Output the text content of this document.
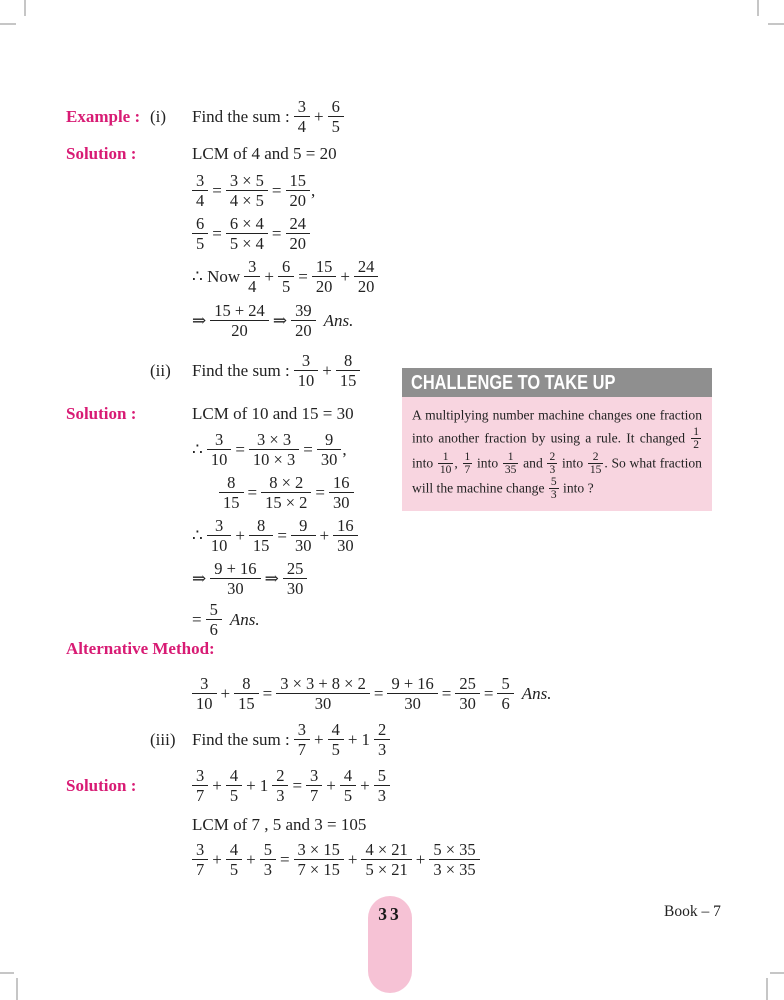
Example : (i) Find the sum : $\frac{3}{4} + \frac{6}{5}$
Solution :	LCM of 4 and 5 = 20
$\frac{3}{4} = \frac{3 \times 5}{4 \times 5} = \frac{15}{20}$ ,
$\frac{6}{5} = \frac{6 \times 4}{5 \times 4} = \frac{24}{20}$
∴ Now $\frac{3}{4} + \frac{6}{5} = \frac{15}{20} + \frac{24}{20}$
⇒ $\frac{15 + 24}{20}$ ⇒ $\frac{39}{20}$ Ans.
(ii) Find the sum : $\frac{3}{10} + \frac{8}{15}$
Solution :	LCM of 10 and 15 = 30
∴ $\frac{3}{10} = \frac{3 \times 3}{10 \times 3} = \frac{9}{30}$ ,
$\frac{8}{15} = \frac{8 \times 2}{15 \times 2} = \frac{16}{30}$
∴ $\frac{3}{10} + \frac{8}{15} = \frac{9}{30} + \frac{16}{30}$
⇒ $\frac{9 + 16}{30}$ ⇒ $\frac{25}{30}$
= $\frac{5}{6}$ Ans.
Alternative Method:
$\frac{3}{10} + \frac{8}{15} = \frac{3 \times 3 + 8 \times 2}{30} = \frac{9 + 16}{30} = \frac{25}{30} = \frac{5}{6}$ Ans.
(iii) Find the sum : $\frac{3}{7} + \frac{4}{5} +1 \frac{2}{3}$
Solution :	$\frac{3}{7} + \frac{4}{5} +1 \frac{2}{3} = \frac{3}{7} + \frac{4}{5} + \frac{5}{3}$
LCM of 7 , 5 and 3 = 105
$\frac{3}{7} + \frac{4}{5} + \frac{5}{3} = \frac{3 \times 15}{7 \times 15} + \frac{4 \times 21}{5 \times 21} + \frac{5 \times 35}{3 \times 35}$
CHALLENGE TO TAKE UP
A multiplying number machine changes one fraction into another fraction by using a rule. It changed $\frac{1}{2}$
into $\frac{1}{10}$ , $\frac{1}{7}$ into $\frac{1}{35}$ and $\frac{2}{3}$ into $\frac{2}{15}$ . So what fraction will the machine change $\frac{5}{3}$ into ?
33	Book – 7
